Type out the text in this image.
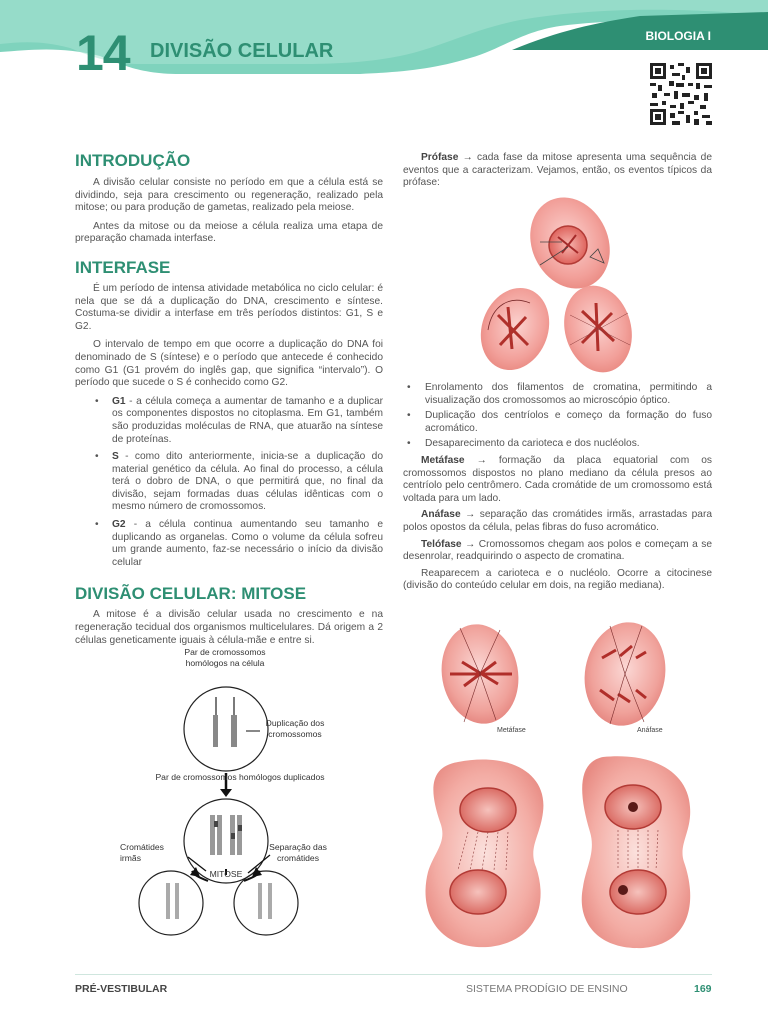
14 DIVISÃO CELULAR
BIOLOGIA I
INTRODUÇÃO

A divisão celular consiste no período em que a célula está se dividindo, seja para crescimento ou regeneração, realizado pela mitose; ou para produção de gametas, realizado pela meiose.

Antes da mitose ou da meiose a célula realiza uma etapa de preparação chamada interfase.

INTERFASE

É um período de intensa atividade metabólica no ciclo celular: é nela que se dá a duplicação do DNA, crescimento e síntese. Costuma-se dividir a interfase em três períodos distintos: G1, S e G2.

O intervalo de tempo em que ocorre a duplicação do DNA foi denominado de S (síntese) e o período que antecede é conhecido como G1 (G1 provém do inglês gap, que significa “intervalo”). O período que sucede o S é conhecido como G2.

• G1 - a célula começa a aumentar de tamanho e a duplicar os componentes dispostos no citoplasma. Em G1, também são produzidas moléculas de RNA, que atuarão na síntese de proteínas.
• S - como dito anteriormente, inicia-se a duplicação do material genético da célula. Ao final do processo, a célula terá o dobro de DNA, o que permitirá que, no final da divisão, sejam formadas duas células idênticas com o mesmo número de cromossomos.
• G2 - a célula continua aumentando seu tamanho e duplicando as organelas. Como o volume da célula sofreu um grande aumento, faz-se necessário o início da divisão celular
DIVISÃO CELULAR: MITOSE

A mitose é a divisão celular usada no crescimento e na regeneração tecidual dos organismos multicelulares. Dá origem a 2 células geneticamente iguais à célula-mãe e entre si.

Par de cromossomos
homólogos na célula
Duplicação dos
cromossomos
Par de cromossomos homólogos duplicados
Cromátides
irmãs
Separação das
cromátides
MITOSE

Prófase → cada fase da mitose apresenta uma sequência de eventos que a caracterizam. Vejamos, então, os eventos típicos da prófase:

• Enrolamento dos filamentos de cromatina, permitindo a visualização dos cromossomos ao microscópio óptico.
• Duplicação dos centríolos e começo da formação do fuso acromático.
• Desaparecimento da carioteca e dos nucléolos.

Metáfase → formação da placa equatorial com os cromossomos dispostos no plano mediano da célula presos ao centríolo pelo centrômero. Cada cromátide de um cromossomo está voltada para um lado.

Anáfase → separação das cromátides irmãs, arrastadas para polos opostos da célula, pelas fibras do fuso acromático.

Telófase → Cromossomos chegam aos polos e começam a se desenrolar, readquirindo o aspecto de cromatina.

Reaparecem a carioteca e o nucléolo. Ocorre a citocinese (divisão do conteúdo celular em dois, na região mediana).

Metáfase	Anáfase
PRÉ-VESTIBULAR	SISTEMA PRODÍGIO DE ENSINO	169
